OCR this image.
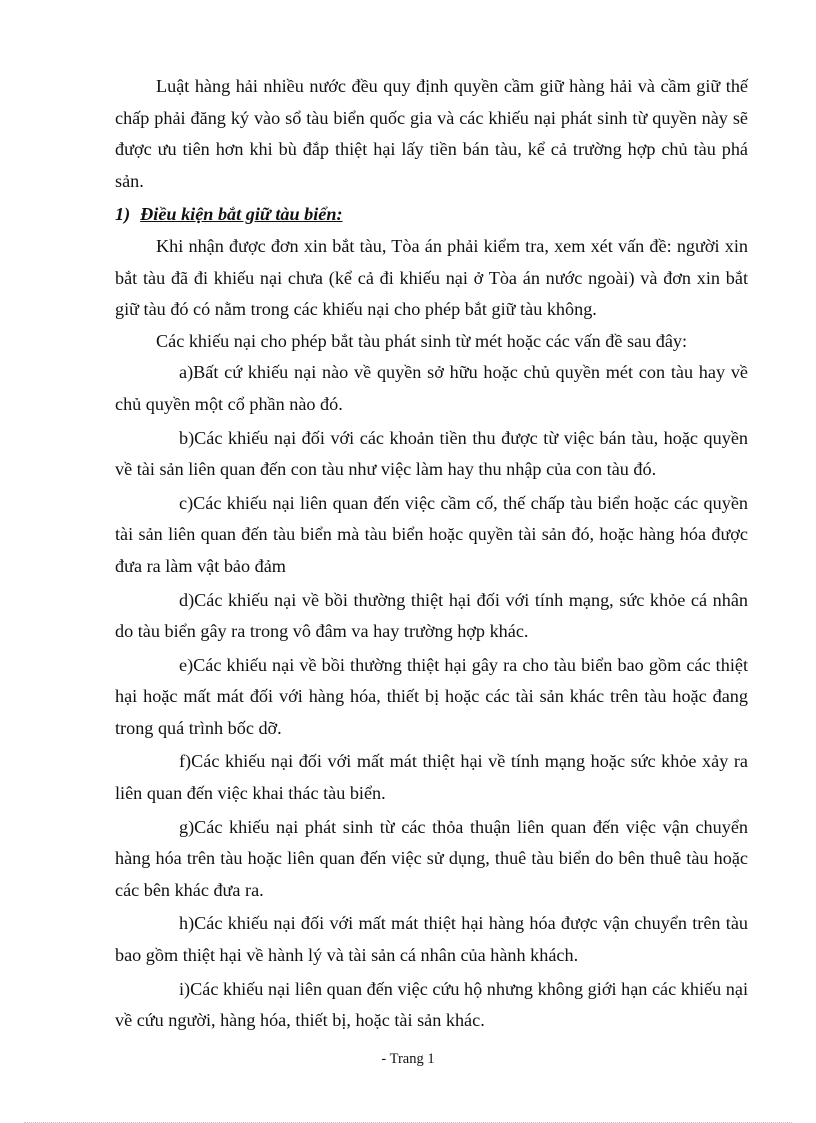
Luật hàng hải nhiều nước đều quy định quyền cầm giữ hàng hải và cầm giữ thế chấp phải đăng ký vào sổ tàu biển quốc gia và các khiếu nại phát sinh từ quyền này sẽ được ưu tiên hơn khi bù đắp thiệt hại lấy tiền bán tàu, kể cả trường hợp chủ tàu phá sản.

1) Điều kiện bắt giữ tàu biển:

Khi nhận được đơn xin bắt tàu, Tòa án phải kiểm tra, xem xét vấn đề: người xin bắt tàu đã đi khiếu nại chưa (kể cả đi khiếu nại ở Tòa án nước ngoài) và đơn xin bắt giữ tàu đó có nằm trong các khiếu nại cho phép bắt giữ tàu không.

Các khiếu nại cho phép bắt tàu phát sinh từ mét hoặc các vấn đề sau đây:

a)Bất cứ khiếu nại nào về quyền sở hữu hoặc chủ quyền mét con tàu hay về chủ quyền một cổ phần nào đó.

b)Các khiếu nại đối với các khoản tiền thu được từ việc bán tàu, hoặc quyền về tài sản liên quan đến con tàu như việc làm hay thu nhập của con tàu đó.

c)Các khiếu nại liên quan đến việc cầm cố, thế chấp tàu biển hoặc các quyền tài sản liên quan đến tàu biển mà tàu biển hoặc quyền tài sản đó, hoặc hàng hóa được đưa ra làm vật bảo đảm

d)Các khiếu nại về bồi thường thiệt hại đối với tính mạng, sức khỏe cá nhân do tàu biển gây ra trong vô đâm va hay trường hợp khác.

e)Các khiếu nại về bồi thường thiệt hại gây ra cho tàu biển bao gồm các thiệt hại hoặc mất mát đối với hàng hóa, thiết bị hoặc các tài sản khác trên tàu hoặc đang trong quá trình bốc dỡ.

f)Các khiếu nại đối với mất mát thiệt hại về tính mạng hoặc sức khỏe xảy ra liên quan đến việc khai thác tàu biển.

g)Các khiếu nại phát sinh từ các thỏa thuận liên quan đến việc vận chuyển hàng hóa trên tàu hoặc liên quan đến việc sử dụng, thuê tàu biển do bên thuê tàu hoặc các bên khác đưa ra.

h)Các khiếu nại đối với mất mát thiệt hại hàng hóa được vận chuyển trên tàu bao gồm thiệt hại về hành lý và tài sản cá nhân của hành khách.

i)Các khiếu nại liên quan đến việc cứu hộ nhưng không giới hạn các khiếu nại về cứu người, hàng hóa, thiết bị, hoặc tài sản khác.

- Trang 1
